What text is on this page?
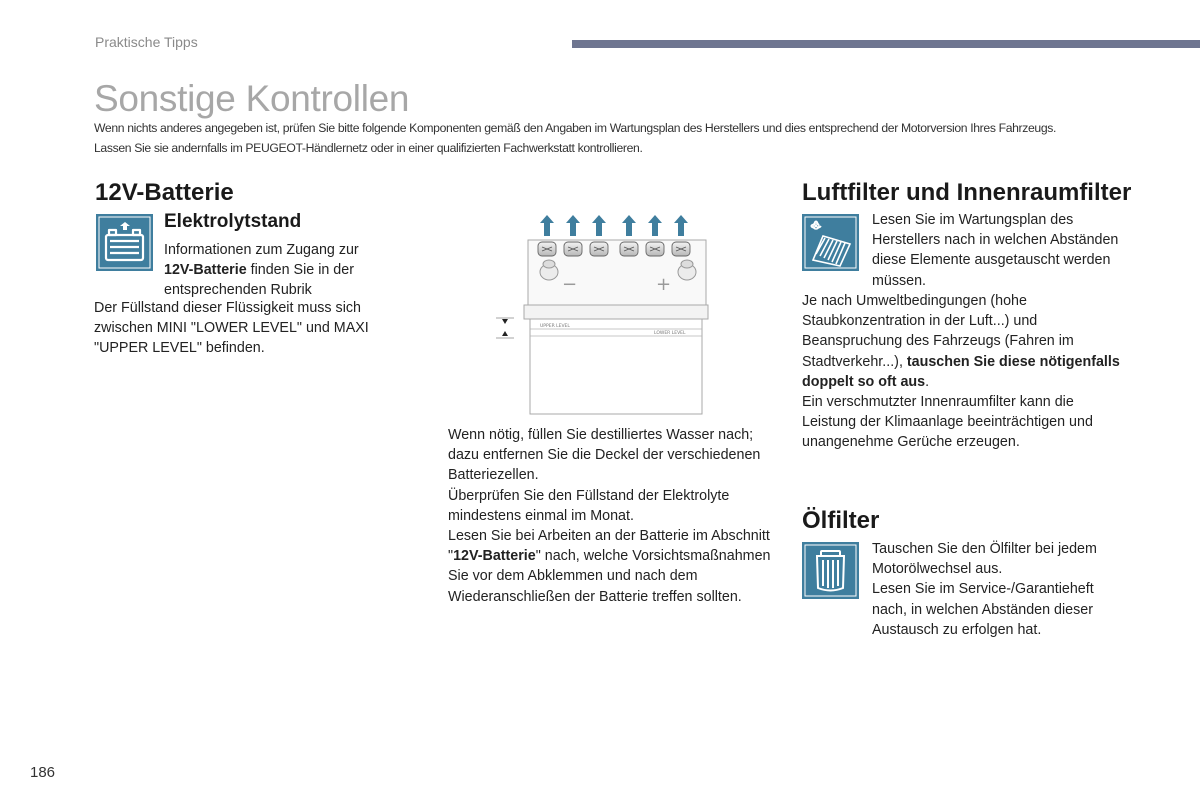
Praktische Tipps
Sonstige Kontrollen
Wenn nichts anderes angegeben ist, prüfen Sie bitte folgende Komponenten gemäß den Angaben im Wartungsplan des Herstellers und dies entsprechend der Motorversion Ihres Fahrzeugs.
Lassen Sie sie andernfalls im PEUGEOT-Händlernetz oder in einer qualifizierten Fachwerkstatt kontrollieren.
12V-Batterie
Elektrolytstand
Informationen zum Zugang zur
12V-Batterie finden Sie in der
entsprechenden Rubrik
Der Füllstand dieser Flüssigkeit muss sich zwischen MINI "LOWER LEVEL" und MAXI "UPPER LEVEL" befinden.
−	+
UPPER LEVEL
LOWER LEVEL
Wenn nötig, füllen Sie destilliertes Wasser nach; dazu entfernen Sie die Deckel der verschiedenen Batteriezellen.
Überprüfen Sie den Füllstand der Elektrolyte mindestens einmal im Monat.
Lesen Sie bei Arbeiten an der Batterie im Abschnitt "12V-Batterie" nach, welche Vorsichtsmaßnahmen Sie vor dem Abklemmen und nach dem Wiederanschließen der Batterie treffen sollten.
Luftfilter und Innenraumfilter
Lesen Sie im Wartungsplan des Herstellers nach in welchen Abständen diese Elemente ausgetauscht werden müssen.
Je nach Umweltbedingungen (hohe Staubkonzentration in der Luft...) und Beanspruchung des Fahrzeugs (Fahren im Stadtverkehr...), tauschen Sie diese nötigenfalls doppelt so oft aus.
Ein verschmutzter Innenraumfilter kann die Leistung der Klimaanlage beeinträchtigen und unangenehme Gerüche erzeugen.
Ölfilter
Tauschen Sie den Ölfilter bei jedem Motorölwechsel aus.
Lesen Sie im Service-/Garantieheft nach, in welchen Abständen dieser Austausch zu erfolgen hat.
186
